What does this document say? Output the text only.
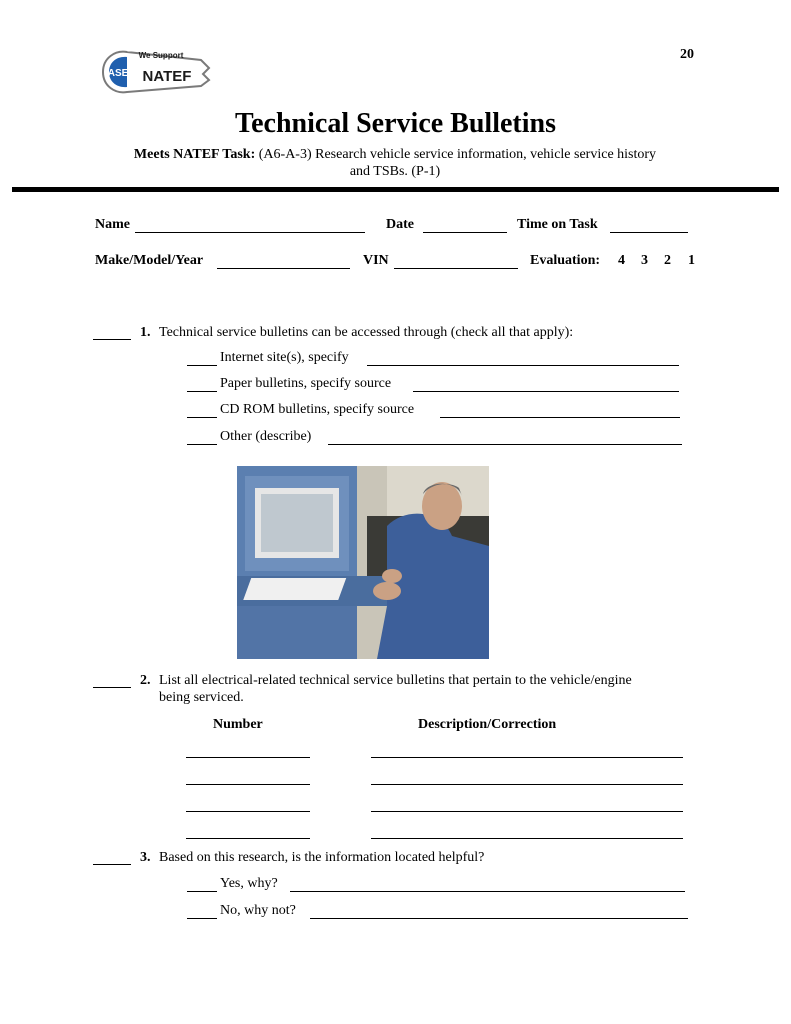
ASE NATEF
We Support	20
Technical Service Bulletins
Meets NATEF Task: (A6-A-3) Research vehicle service information, vehicle service history
and TSBs. (P-1)
Name	Date	Time on Task
Make/Model/Year	VIN	Evaluation: 4 3 2 1
1. Technical service bulletins can be accessed through (check all that apply):
Internet site(s), specify
Paper bulletins, specify source
CD ROM bulletins, specify source
Other (describe)
2. List all electrical-related technical service bulletins that pertain to the vehicle/engine
being serviced.
Number	Description/Correction
3. Based on this research, is the information located helpful?
Yes, why?
No, why not?
